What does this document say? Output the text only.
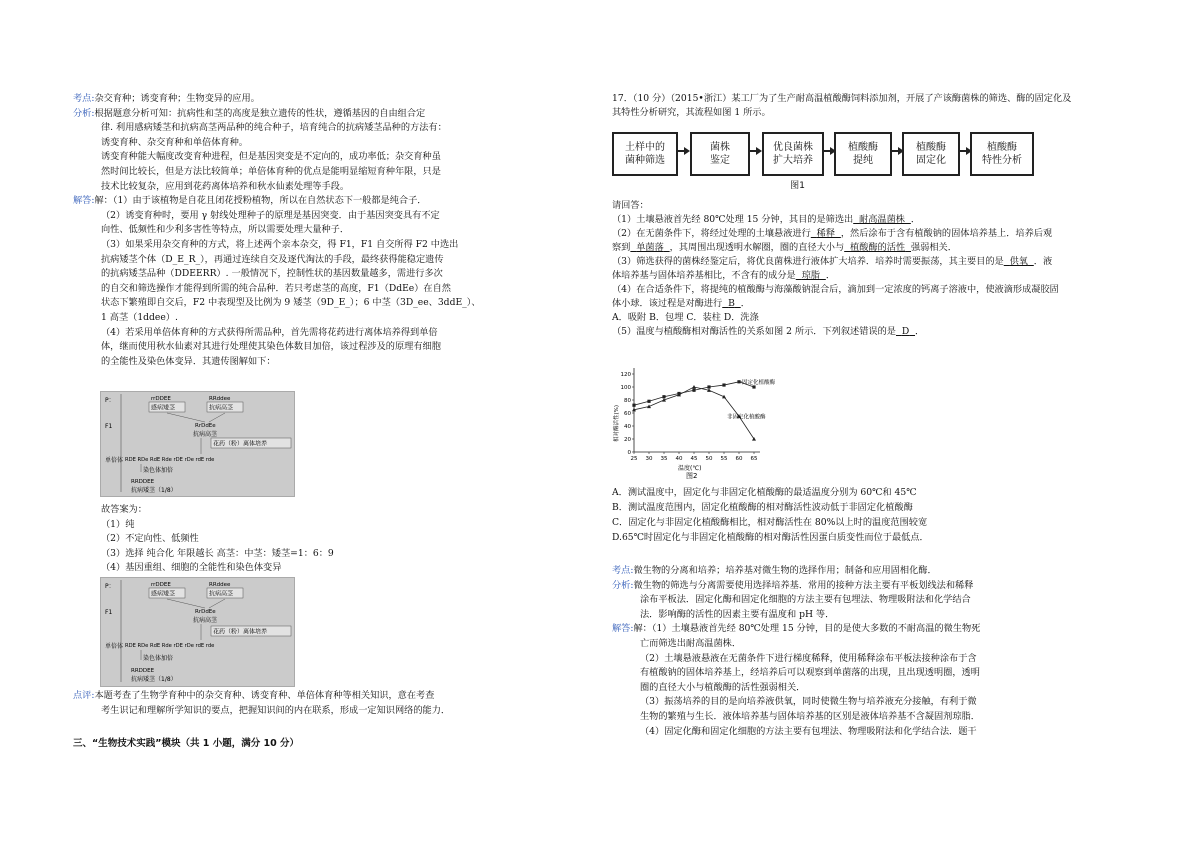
P：
F1
单倍体
rrDDEE
感病矮茎
RRddee
抗病高茎
RrDdEe
抗病高茎
花药（粉）离体培养
RDE RDe RdE Rde rDE rDe rdE rde
染色体加倍
RRDDEE
抗病矮茎（1/8）
P：
F1
单倍体
rrDDEE
感病矮茎
RRddee
抗病高茎
RrDdEe
抗病高茎
花药（粉）离体培养
RDE RDe RdE Rde rDE rDe rdE rde
染色体加倍
RRDDEE
抗病矮茎（1/8）
三、“生物技术实践”模块（共 1 小题，满分 10 分）
17．（10 分）（2015•浙江）某工厂为了生产耐高温植酸酶饲料添加剂，开展了产该酶菌株的筛选、酶的固定化及
其特性分析研究，其流程如图 1 所示。
土样中的
菌种筛选
菌株
鉴定
优良菌株
扩大培养
植酸酶
提纯
植酸酶
固定化
植酸酶
特性分析
图1
请回答：
（1）土壤悬液首先经 80℃处理 15 分钟，其目的是筛选出 耐高温菌株 ．
（2）在无菌条件下，将经过处理的土壤悬液进行 稀释 ，然后涂布于含有植酸钠的固体培养基上．培养后观
察到 单菌落 ，其周围出现透明水解圈，圈的直径大小与 植酸酶的活性 强弱相关．
（3）筛选获得的菌株经鉴定后，将优良菌株进行液体扩大培养．培养时需要振荡，其主要目的是 供氧 ．液
体培养基与固体培养基相比，不含有的成分是 琼脂 ．
（4）在合适条件下，将提纯的植酸酶与海藻酸钠混合后，滴加到一定浓度的钙离子溶液中，使液滴形成凝胶固
体小球．该过程是对酶进行 B ．
A．吸附 B．包埋 C．装柱 D．洗涤
（5）温度与植酸酶相对酶活性的关系如图 2 所示．下列叙述错误的是 D ．
0
20
40
60
80
100
120
25 30 35 40 45 50 55 60 65
固定化植酸酶
非固定化植酸酶
相对酶活性(%)
温度(℃)
图2
考点:杂交育种；诱变育种；生物变异的应用。
分析:根据题意分析可知：抗病性和茎的高度是独立遗传的性状，遵循基因的自由组合定
律. 利用感病矮茎和抗病高茎两品种的纯合种子，培育纯合的抗病矮茎品种的方法有：
诱变育种、杂交育种和单倍体育种。
诱变育种能大幅度改变育种进程，但是基因突变是不定向的，成功率低；杂交育种虽
然时间比较长，但是方法比较简单；单倍体育种的优点是能明显缩短育种年限，只是
技术比较复杂，应用到花药离体培养和秋水仙素处理等手段。
解答:解：（1）由于该植物是自花且闭花授粉植物，所以在自然状态下一般都是纯合子．
（2）诱变育种时，要用 γ 射线处理种子的原理是基因突变．由于基因突变具有不定
向性、低频性和少利多害性等特点，所以需要处理大量种子．
（3）如果采用杂交育种的方式，将上述两个亲本杂交，得 F1，F1 自交所得 F2 中选出
抗病矮茎个体（D_E_R_），再通过连续自交及逐代淘汰的手段，最终获得能稳定遗传
的抗病矮茎品种（DDEERR）. 一般情况下，控制性状的基因数量越多，需进行多次
的自交和筛选操作才能得到所需的纯合品种．若只考虑茎的高度，F1（DdEe）在自然
状态下繁殖即自交后，F2 中表现型及比例为 9 矮茎（9D_E_）；6 中茎（3D_ee、3ddE_）、
1 高茎（1ddee）.
（4）若采用单倍体育种的方式获得所需品种，首先需将花药进行离体培养得到单倍
体，继而使用秋水仙素对其进行处理使其染色体数目加倍，该过程涉及的原理有细胞
的全能性及染色体变异．其遗传图解如下：
故答案为：
（1）纯
（2）不定向性、低频性
（3）选择 纯合化 年限越长 高茎：中茎：矮茎=1：6：9
（4）基因重组、细胞的全能性和染色体变异
点评:本题考查了生物学育种中的杂交育种、诱变育种、单倍体育种等相关知识，意在考查
考生识记和理解所学知识的要点，把握知识间的内在联系，形成一定知识网络的能力．
考点:微生物的分离和培养；培养基对微生物的选择作用；制备和应用固相化酶．
分析:微生物的筛选与分离需要使用选择培养基．常用的接种方法主要有平板划线法和稀释
涂布平板法．固定化酶和固定化细胞的方法主要有包埋法、物理吸附法和化学结合
法．影响酶的活性的因素主要有温度和 pH 等．
解答:解：（1）土壤悬液首先经 80℃处理 15 分钟，目的是使大多数的不耐高温的微生物死
亡而筛选出耐高温菌株．
（2）土壤悬液悬液在无菌条件下进行梯度稀释，使用稀释涂布平板法接种涂布于含
有植酸钠的固体培养基上，经培养后可以观察到单菌落的出现，且出现透明圈，透明
圈的直径大小与植酸酶的活性强弱相关．
（3）振荡培养的目的是向培养液供氧，同时使微生物与培养液充分接触，有利于微
生物的繁殖与生长．液体培养基与固体培养基的区别是液体培养基不含凝固剂琼脂．
（4）固定化酶和固定化细胞的方法主要有包埋法、物理吸附法和化学结合法．题干
A．测试温度中，固定化与非固定化植酸酶的最适温度分别为 60℃和 45℃
B．测试温度范围内，固定化植酸酶的相对酶活性波动低于非固定化植酸酶
C．固定化与非固定化植酸酶相比，相对酶活性在 80%以上时的温度范围较宽
D.65℃时固定化与非固定化植酸酶的相对酶活性因蛋白质变性而位于最低点．
